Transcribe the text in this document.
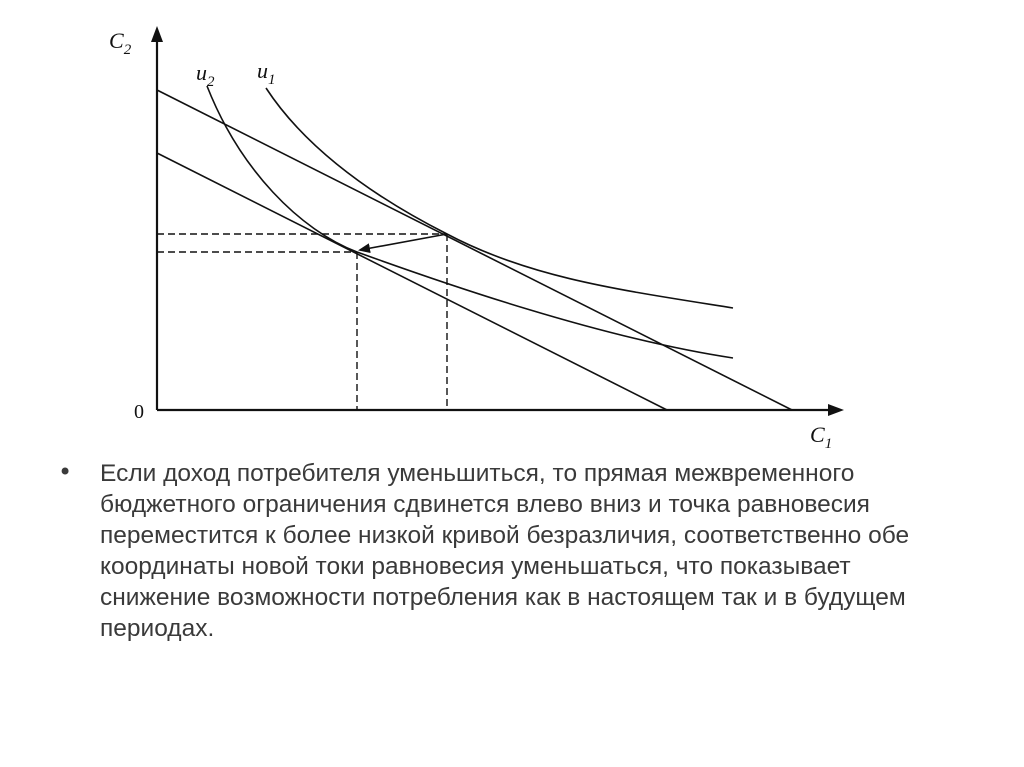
$C_2$
$C_1$
0
$u_2$ $u_1$
• Если доход потребителя уменьшиться, то прямая межвременного бюджетного ограничения сдвинется влево вниз и точка равновесия переместится к более низкой кривой безразличия, соответственно обе координаты новой токи равновесия уменьшаться, что показывает снижение возможности потребления как в настоящем так и в будущем периодах.
